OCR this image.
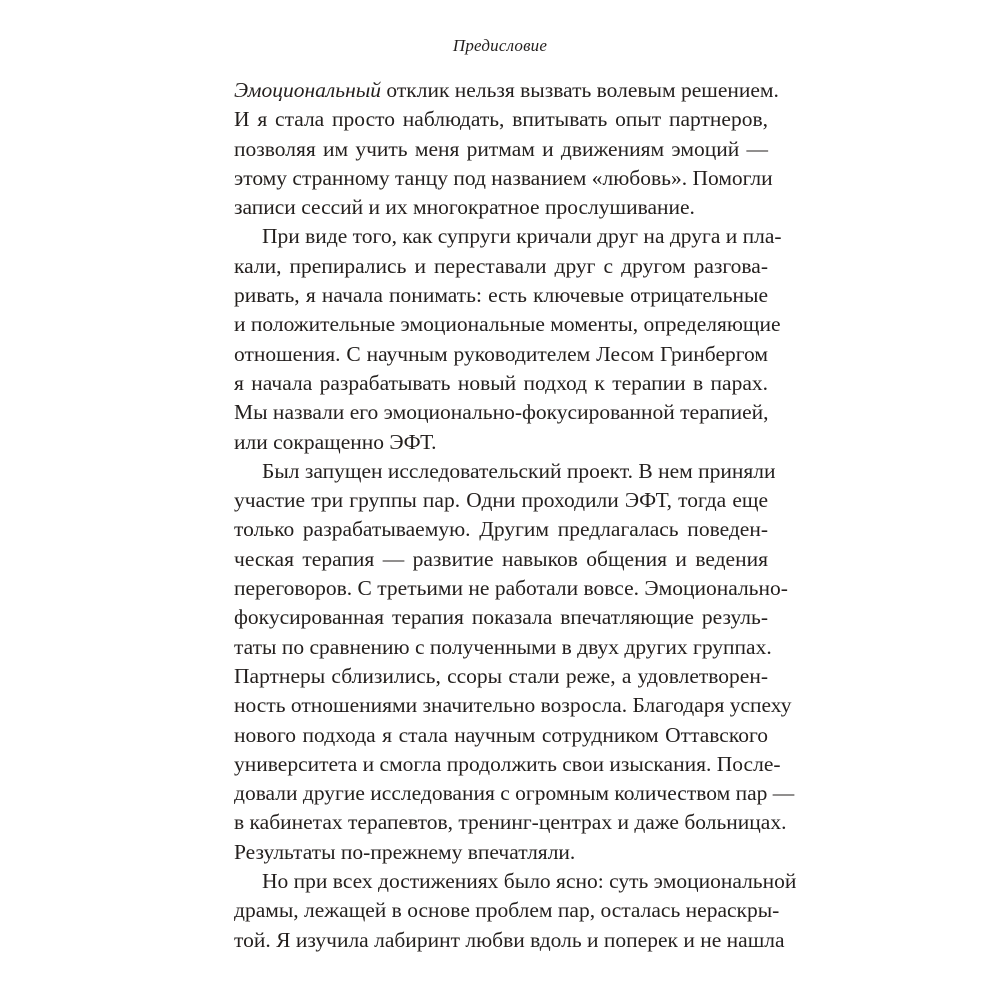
Предисловие
Эмоциональный отклик нельзя вызвать волевым решением.
И я стала просто наблюдать, впитывать опыт партнеров,
позволяя им учить меня ритмам и движениям эмоций —
этому странному танцу под названием «любовь». Помогли
записи сессий и их многократное прослушивание.
При виде того, как супруги кричали друг на друга и пла-
кали, препирались и переставали друг с другом разгова-
ривать, я начала понимать: есть ключевые отрицательные
и положительные эмоциональные моменты, определяющие
отношения. С научным руководителем Лесом Гринбергом
я начала разрабатывать новый подход к терапии в парах.
Мы назвали его эмоционально-фокусированной терапией,
или сокращенно ЭФТ.
Был запущен исследовательский проект. В нем приняли
участие три группы пар. Одни проходили ЭФТ, тогда еще
только разрабатываемую. Другим предлагалась поведен-
ческая терапия — развитие навыков общения и ведения
переговоров. С третьими не работали вовсе. Эмоционально-
фокусированная терапия показала впечатляющие резуль-
таты по сравнению с полученными в двух других группах.
Партнеры сблизились, ссоры стали реже, а удовлетворен-
ность отношениями значительно возросла. Благодаря успеху
нового подхода я стала научным сотрудником Оттавского
университета и смогла продолжить свои изыскания. После-
довали другие исследования с огромным количеством пар —
в кабинетах терапевтов, тренинг-центрах и даже больницах.
Результаты по-прежнему впечатляли.
Но при всех достижениях было ясно: суть эмоциональной
драмы, лежащей в основе проблем пар, осталась нераскры-
той. Я изучила лабиринт любви вдоль и поперек и не нашла
